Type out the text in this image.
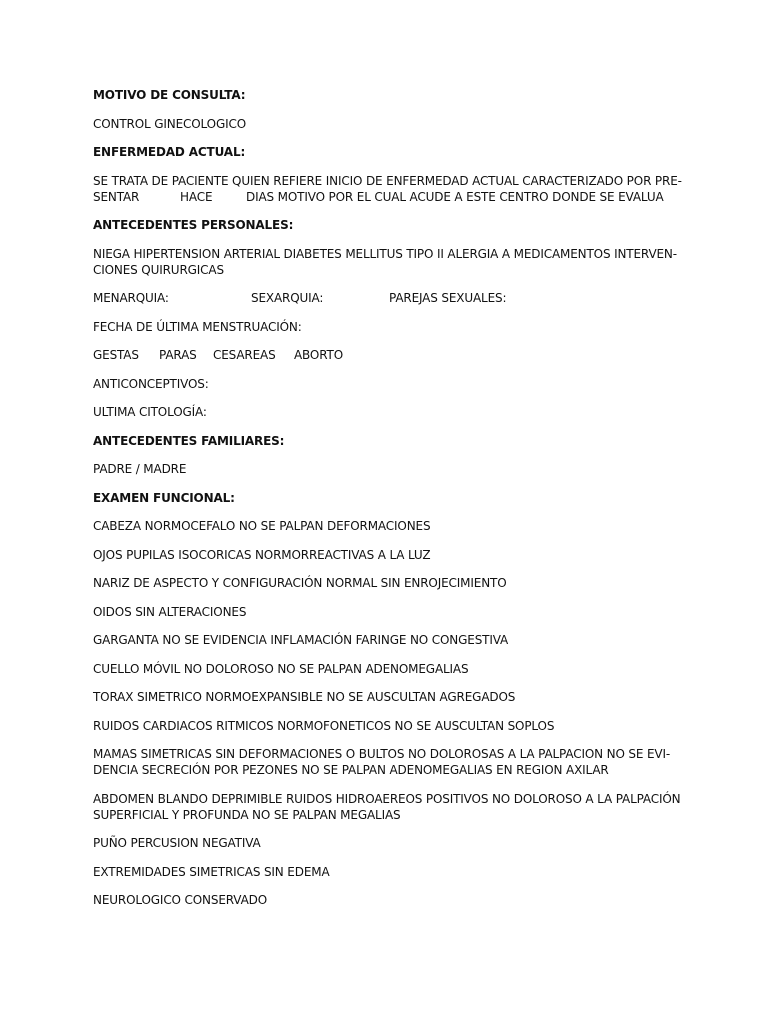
MOTIVO DE CONSULTA:

CONTROL GINECOLOGICO

ENFERMEDAD ACTUAL:

SE TRATA DE PACIENTE QUIEN REFIERE INICIO DE ENFERMEDAD ACTUAL CARACTERIZADO POR PRE-
SENTAR	HACE	DIAS MOTIVO POR EL CUAL ACUDE A ESTE CENTRO DONDE SE EVALUA

ANTECEDENTES PERSONALES:

NIEGA HIPERTENSION ARTERIAL DIABETES MELLITUS TIPO II ALERGIA A MEDICAMENTOS INTERVEN-
CIONES QUIRURGICAS
MENARQUIA:	SEXARQUIA:	PAREJAS SEXUALES:

FECHA DE ÚLTIMA MENSTRUACIÓN:

GESTAS	PARAS	CESAREAS	ABORTO

ANTICONCEPTIVOS:

ULTIMA CITOLOGÍA:

ANTECEDENTES FAMILIARES:

PADRE / MADRE

EXAMEN FUNCIONAL:

CABEZA NORMOCEFALO NO SE PALPAN DEFORMACIONES

OJOS PUPILAS ISOCORICAS NORMORREACTIVAS A LA LUZ

NARIZ DE ASPECTO Y CONFIGURACIÓN NORMAL SIN ENROJECIMIENTO

OIDOS SIN ALTERACIONES

GARGANTA NO SE EVIDENCIA INFLAMACIÓN FARINGE NO CONGESTIVA

CUELLO MÓVIL NO DOLOROSO NO SE PALPAN ADENOMEGALIAS

TORAX SIMETRICO NORMOEXPANSIBLE NO SE AUSCULTAN AGREGADOS

RUIDOS CARDIACOS RITMICOS NORMOFONETICOS NO SE AUSCULTAN SOPLOS

MAMAS SIMETRICAS SIN DEFORMACIONES O BULTOS NO DOLOROSAS A LA PALPACION NO SE EVI-
DENCIA SECRECIÓN POR PEZONES NO SE PALPAN ADENOMEGALIAS EN REGION AXILAR
ABDOMEN BLANDO DEPRIMIBLE RUIDOS HIDROAEREOS POSITIVOS NO DOLOROSO A LA PALPACIÓN
SUPERFICIAL Y PROFUNDA NO SE PALPAN MEGALIAS

PUÑO PERCUSION NEGATIVA

EXTREMIDADES SIMETRICAS SIN EDEMA

NEUROLOGICO CONSERVADO
